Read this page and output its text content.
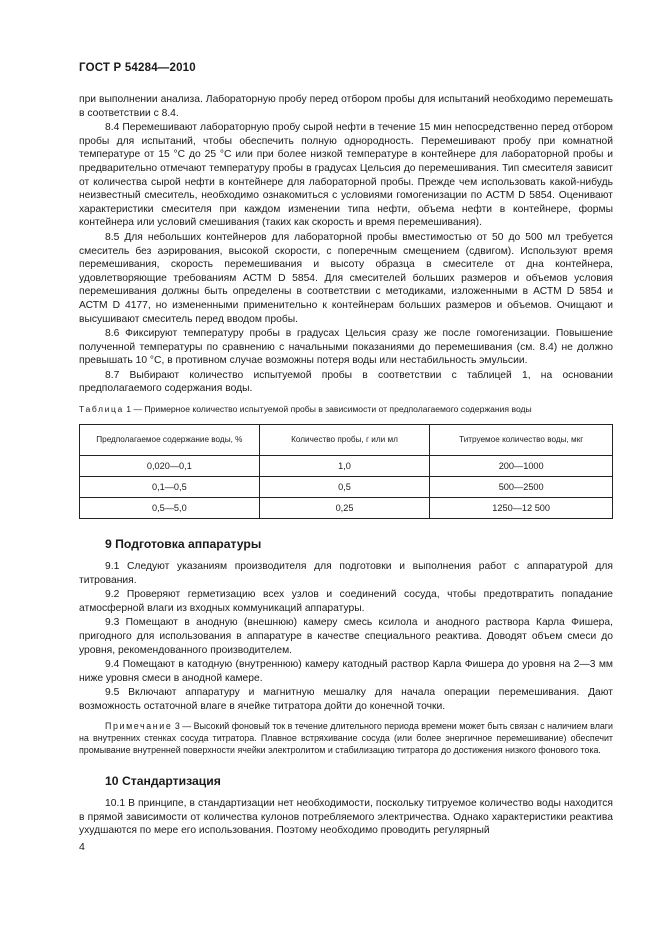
ГОСТ Р 54284—2010

при выполнении анализа. Лабораторную пробу перед отбором пробы для испытаний необходимо перемешать в соответствии с 8.4.

8.4 Перемешивают лабораторную пробу сырой нефти в течение 15 мин непосредственно перед отбором пробы для испытаний, чтобы обеспечить полную однородность. Перемешивают пробу при комнатной температуре от 15 °С до 25 °С или при более низкой температуре в контейнере для лабораторной пробы и предварительно отмечают температуру пробы в градусах Цельсия до перемешивания. Тип смесителя зависит от количества сырой нефти в контейнере для лабораторной пробы. Прежде чем использовать какой-нибудь неизвестный смеситель, необходимо ознакомиться с условиями гомогенизации по АСТМ D 5854. Оценивают характеристики смесителя при каждом изменении типа нефти, объема нефти в контейнере, формы контейнера или условий смешивания (таких как скорость и время перемешивания).

8.5 Для небольших контейнеров для лабораторной пробы вместимостью от 50 до 500 мл требуется смеситель без аэрирования, высокой скорости, с поперечным смещением (сдвигом). Используют время перемешивания, скорость перемешивания и высоту образца в смесителе от дна контейнера, удовлетворяющие требованиям АСТМ D 5854. Для смесителей больших размеров и объемов условия перемешивания должны быть определены в соответствии с методиками, изложенными в АСТМ D 5854 и АСТМ D 4177, но измененными применительно к контейнерам больших размеров и объемов. Очищают и высушивают смеситель перед вводом пробы.

8.6 Фиксируют температуру пробы в градусах Цельсия сразу же после гомогенизации. Повышение полученной температуры по сравнению с начальными показаниями до перемешивания (см. 8.4) не должно превышать 10 °С, в противном случае возможны потеря воды или нестабильность эмульсии.

8.7 Выбирают количество испытуемой пробы в соответствии с таблицей 1, на основании предполагаемого содержания воды.

Таблица 1 — Примерное количество испытуемой пробы в зависимости от предполагаемого содержания воды
Предполагаемое содержание воды, %	Количество пробы, г или мл	Титруемое количество воды, мкг
0,020—0,1	1,0	200—1000
0,1—0,5	0,5	500—2500
0,5—5,0	0,25	1250—12 500
9 Подготовка аппаратуры

9.1 Следуют указаниям производителя для подготовки и выполнения работ с аппаратурой для титрования.

9.2 Проверяют герметизацию всех узлов и соединений сосуда, чтобы предотвратить попадание атмосферной влаги из входных коммуникаций аппаратуры.

9.3 Помещают в анодную (внешнюю) камеру смесь ксилола и анодного раствора Карла Фишера, пригодного для использования в аппаратуре в качестве специального реактива. Доводят объем смеси до уровня, рекомендованного производителем.

9.4 Помещают в катодную (внутреннюю) камеру катодный раствор Карла Фишера до уровня на 2—3 мм ниже уровня смеси в анодной камере.

9.5 Включают аппаратуру и магнитную мешалку для начала операции перемешивания. Дают возможность остаточной влаге в ячейке титратора дойти до конечной точки.

Примечание 3 — Высокий фоновый ток в течение длительного периода времени может быть связан с наличием влаги на внутренних стенках сосуда титратора. Плавное встряхивание сосуда (или более энергичное перемешивание) обеспечит промывание внутренней поверхности ячейки электролитом и стабилизацию титратора до достижения низкого фонового тока.
10 Стандартизация

10.1 В принципе, в стандартизации нет необходимости, поскольку титруемое количество воды находится в прямой зависимости от количества кулонов потребляемого электричества. Однако характеристики реактива ухудшаются по мере его использования. Поэтому необходимо проводить регулярный

4
